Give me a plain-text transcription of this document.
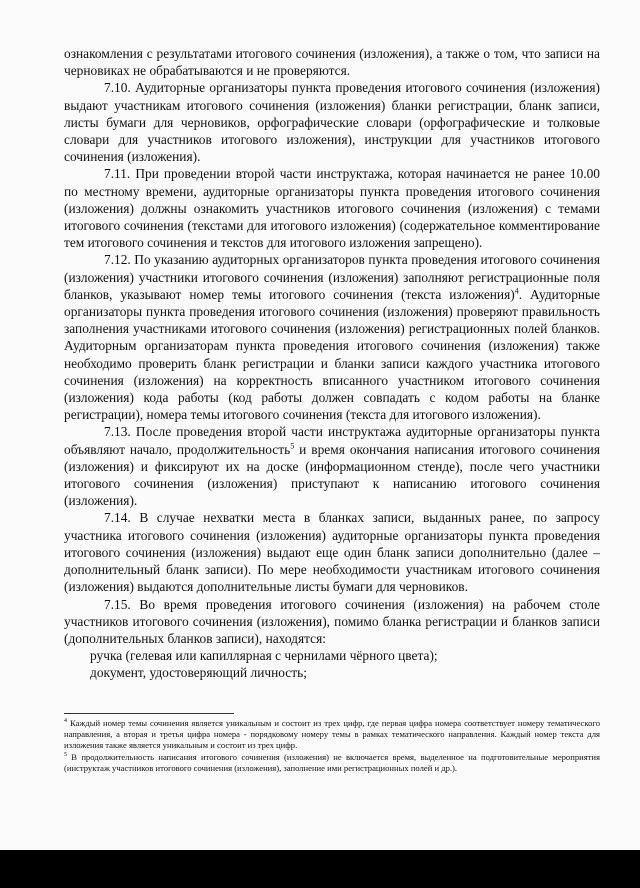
ознакомления с результатами итогового сочинения (изложения), а также о том, что записи на черновиках не обрабатываются и не проверяются.

7.10. Аудиторные организаторы пункта проведения итогового сочинения (изложения) выдают участникам итогового сочинения (изложения) бланки регистрации, бланк записи, листы бумаги для черновиков, орфографические словари (орфографические и толковые словари для участников итогового изложения), инструкции для участников итогового сочинения (изложения).

7.11. При проведении второй части инструктажа, которая начинается не ранее 10.00 по местному времени, аудиторные организаторы пункта проведения итогового сочинения (изложения) должны ознакомить участников итогового сочинения (изложения) с темами итогового сочинения (текстами для итогового изложения) (содержательное комментирование тем итогового сочинения и текстов для итогового изложения запрещено).

7.12. По указанию аудиторных организаторов пункта проведения итогового сочинения (изложения) участники итогового сочинения (изложения) заполняют регистрационные поля бланков, указывают номер темы итогового сочинения (текста изложения)$^4$. Аудиторные организаторы пункта проведения итогового сочинения (изложения) проверяют правильность заполнения участниками итогового сочинения (изложения) регистрационных полей бланков. Аудиторным организаторам пункта проведения итогового сочинения (изложения) также необходимо проверить бланк регистрации и бланки записи каждого участника итогового сочинения (изложения) на корректность вписанного участником итогового сочинения (изложения) кода работы (код работы должен совпадать с кодом работы на бланке регистрации), номера темы итогового сочинения (текста для итогового изложения).

7.13. После проведения второй части инструктажа аудиторные организаторы пункта объявляют начало, продолжительность$^5$ и время окончания написания итогового сочинения (изложения) и фиксируют их на доске (информационном стенде), после чего участники итогового сочинения (изложения) приступают к написанию итогового сочинения (изложения).

7.14. В случае нехватки места в бланках записи, выданных ранее, по запросу участника итогового сочинения (изложения) аудиторные организаторы пункта проведения итогового сочинения (изложения) выдают еще один бланк записи дополнительно (далее – дополнительный бланк записи). По мере необходимости участникам итогового сочинения (изложения) выдаются дополнительные листы бумаги для черновиков.

7.15. Во время проведения итогового сочинения (изложения) на рабочем столе участников итогового сочинения (изложения), помимо бланка регистрации и бланков записи (дополнительных бланков записи), находятся:

ручка (гелевая или капиллярная с чернилами чёрного цвета);

документ, удостоверяющий личность;

$^4$ Каждый номер темы сочинения является уникальным и состоит из трех цифр, где первая цифра номера соответствует номеру тематического направления, а вторая и третья цифра номера - порядковому номеру темы в рамках тематического направления. Каждый номер текста для изложения также является уникальным и состоит из трех цифр.

$^5$ В продолжительность написания итогового сочинения (изложения) не включается время, выделенное на подготовительные мероприятия (инструктаж участников итогового сочинения (изложения), заполнение ими регистрационных полей и др.).
